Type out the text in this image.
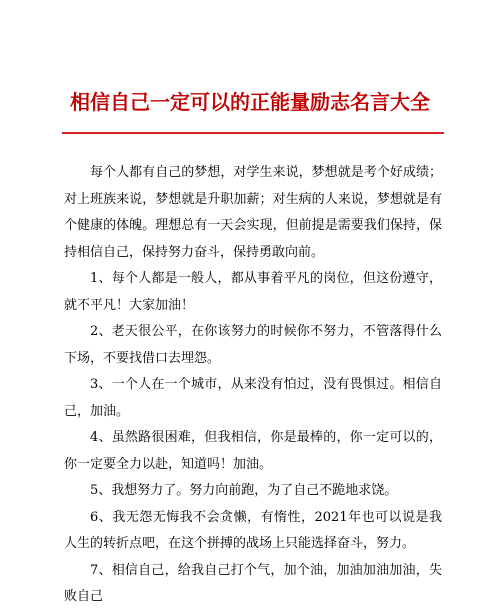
相信自己一定可以的正能量励志名言大全

每个人都有自己的梦想，对学生来说，梦想就是考个好成绩；对上班族来说，梦想就是升职加薪；对生病的人来说，梦想就是有个健康的体魄。理想总有一天会实现，但前提是需要我们保持，保持相信自己，保持努力奋斗，保持勇敢向前。

1、每个人都是一般人，都从事着平凡的岗位，但这份遵守，就不平凡！大家加油！

2、老天很公平，在你该努力的时候你不努力，不管落得什么下场，不要找借口去埋怨。

3、一个人在一个城市，从来没有怕过，没有畏惧过。相信自己，加油。

4、虽然路很困难，但我相信，你是最棒的，你一定可以的，你一定要全力以赴，知道吗！加油。

5、我想努力了。努力向前跑，为了自己不跪地求饶。

6、我无怨无悔我不会贪懒，有惰性，2021年也可以说是我人生的转折点吧，在这个拼搏的战场上只能选择奋斗，努力。

7、相信自己，给我自己打个气，加个油，加油加油加油，失败自己
